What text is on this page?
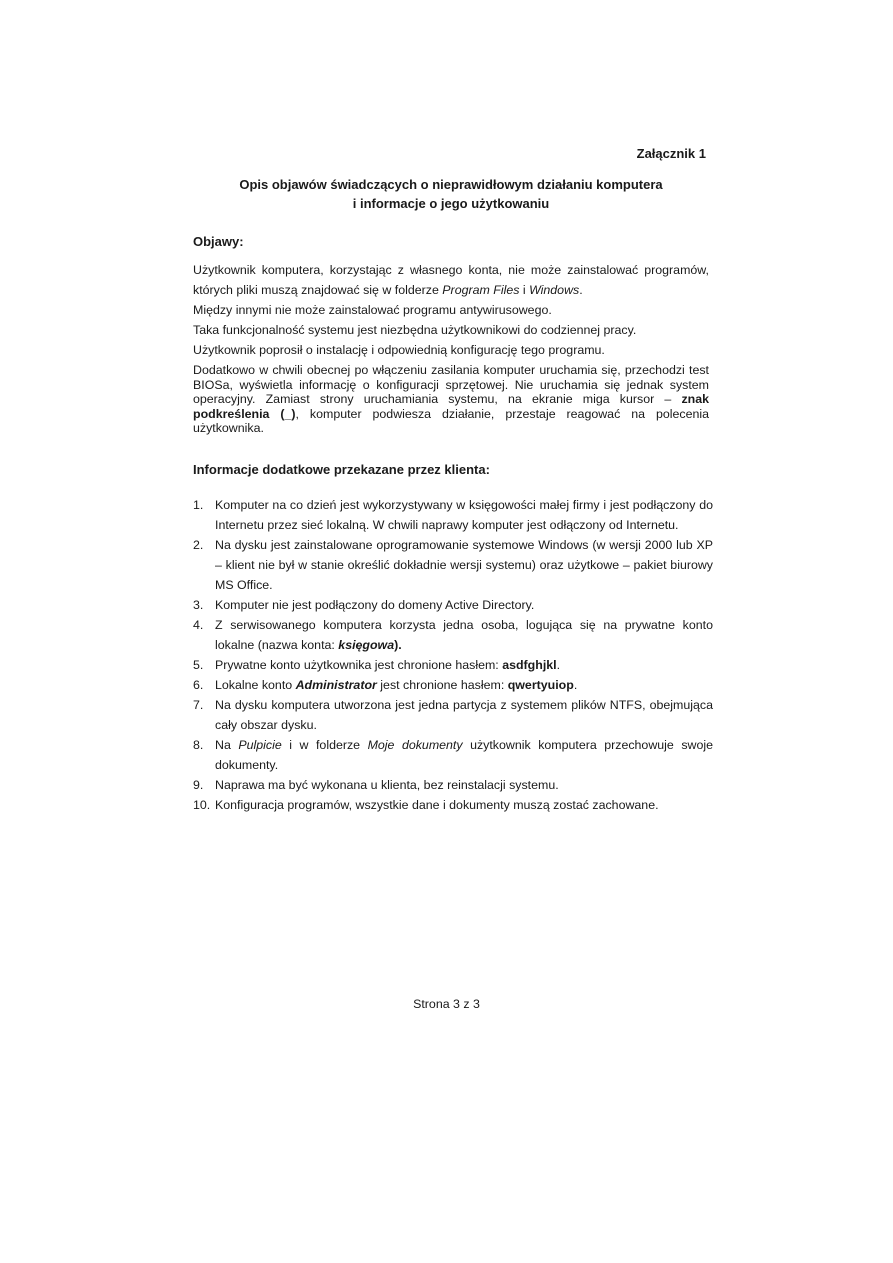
Załącznik 1
Opis objawów świadczących o nieprawidłowym działaniu komputera
i informacje o jego użytkowaniu
Objawy:

Użytkownik komputera, korzystając z własnego konta, nie może zainstalować programów, których pliki muszą znajdować się w folderze Program Files i Windows.

Między innymi nie może zainstalować programu antywirusowego.

Taka funkcjonalność systemu jest niezbędna użytkownikowi do codziennej pracy.

Użytkownik poprosił o instalację i odpowiednią konfigurację tego programu.

Dodatkowo w chwili obecnej po włączeniu zasilania komputer uruchamia się, przechodzi test BIOSa, wyświetla informację o konfiguracji sprzętowej. Nie uruchamia się jednak system operacyjny. Zamiast strony uruchamiania systemu, na ekranie miga kursor – znak podkreślenia (_), komputer podwiesza działanie, przestaje reagować na polecenia użytkownika.

Informacje dodatkowe przekazane przez klienta:
1. Komputer na co dzień jest wykorzystywany w księgowości małej firmy i jest podłączony do Internetu przez sieć lokalną. W chwili naprawy komputer jest odłączony od Internetu.
2. Na dysku jest zainstalowane oprogramowanie systemowe Windows (w wersji 2000 lub XP – klient nie był w stanie określić dokładnie wersji systemu) oraz użytkowe – pakiet biurowy MS Office.
3. Komputer nie jest podłączony do domeny Active Directory.
4. Z serwisowanego komputera korzysta jedna osoba, logująca się na prywatne konto lokalne (nazwa konta: księgowa).
5. Prywatne konto użytkownika jest chronione hasłem: asdfghjkl.
6. Lokalne konto Administrator jest chronione hasłem: qwertyuiop.
7. Na dysku komputera utworzona jest jedna partycja z systemem plików NTFS, obejmująca cały obszar dysku.
8. Na Pulpicie i w folderze Moje dokumenty użytkownik komputera przechowuje swoje dokumenty.
9. Naprawa ma być wykonana u klienta, bez reinstalacji systemu.
10. Konfiguracja programów, wszystkie dane i dokumenty muszą zostać zachowane.
Strona 3 z 3
